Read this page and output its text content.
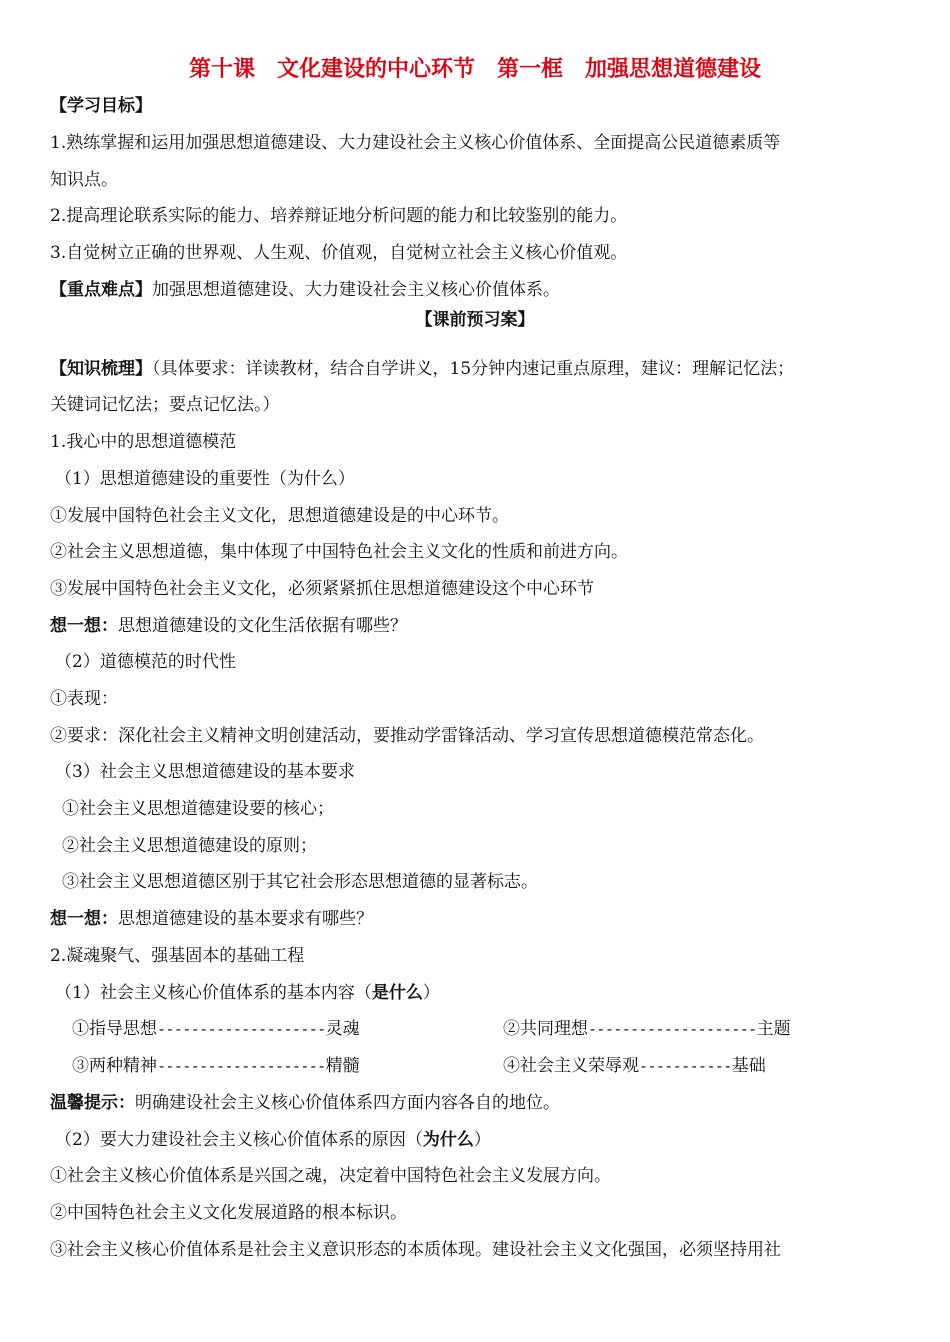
第十课　文化建设的中心环节　第一框　加强思想道德建设
【学习目标】
1.熟练掌握和运用加强思想道德建设、大力建设社会主义核心价值体系、全面提高公民道德素质等
知识点。
2.提高理论联系实际的能力、培养辩证地分析问题的能力和比较鉴别的能力。
3.自觉树立正确的世界观、人生观、价值观，自觉树立社会主义核心价值观。
【重点难点】加强思想道德建设、大力建设社会主义核心价值体系。
【课前预习案】
【知识梳理】（具体要求：详读教材，结合自学讲义，15分钟内速记重点原理，建议：理解记忆法；
关键词记忆法；要点记忆法。）
1.我心中的思想道德模范
（1）思想道德建设的重要性（为什么）
①发展中国特色社会主义文化，思想道德建设是的中心环节。
②社会主义思想道德，集中体现了中国特色社会主义文化的性质和前进方向。
③发展中国特色社会主义文化，必须紧紧抓住思想道德建设这个中心环节
想一想：思想道德建设的文化生活依据有哪些？
（2）道德模范的时代性
①表现：
②要求：深化社会主义精神文明创建活动，要推动学雷锋活动、学习宣传思想道德模范常态化。
（3）社会主义思想道德建设的基本要求
①社会主义思想道德建设要的核心；
②社会主义思想道德建设的原则；
③社会主义思想道德区别于其它社会形态思想道德的显著标志。
想一想：思想道德建设的基本要求有哪些？
2.凝魂聚气、强基固本的基础工程
（1）社会主义核心价值体系的基本内容（是什么）
①指导思想--------------------灵魂	②共同理想--------------------主题
③两种精神--------------------精髓	④社会主义荣辱观-----------基础
温馨提示：明确建设社会主义核心价值体系四方面内容各自的地位。
（2）要大力建设社会主义核心价值体系的原因（为什么）
①社会主义核心价值体系是兴国之魂，决定着中国特色社会主义发展方向。
②中国特色社会主义文化发展道路的根本标识。
③社会主义核心价值体系是社会主义意识形态的本质体现。建设社会主义文化强国，必须坚持用社
